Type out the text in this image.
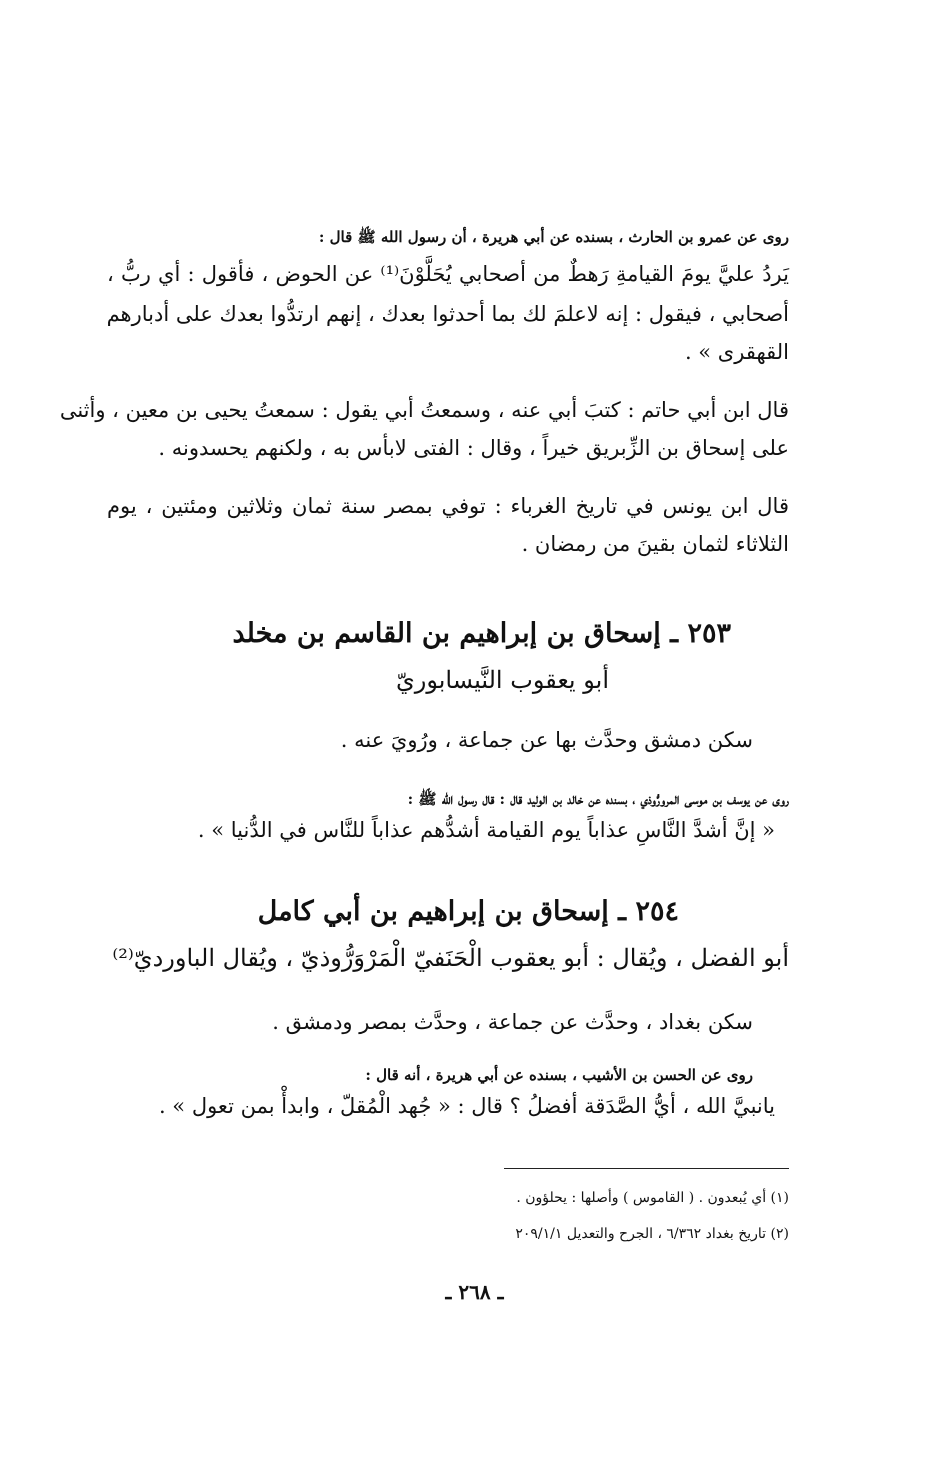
روى عن عمرو بن الحارث ، بسنده عن أبي هريرة ، أن رسول الله ﷺ قال :
يَردُ عليَّ يومَ القيامةِ رَهطٌ من أصحابي يُحَلَّوْنَ⁽¹⁾ عن الحوض ، فأقول : أي ربُّ ،
أصحابي ، فيقول : إنه لاعلمَ لك بما أحدثوا بعدك ، إنهم ارتدُّوا بعدك على أدبارهم
القهقرى » .
قال ابن أبي حاتم : كتبَ أبي عنه ، وسمعتُ أبي يقول : سمعتُ يحيى بن معين ، وأثنى
على إسحاق بن الزِّبريق خيراً ، وقال : الفتى لابأس به ، ولكنهم يحسدونه .
قال ابن يونس في تاريخ الغرباء : توفي بمصر سنة ثمان وثلاثين ومئتين ، يوم
الثلاثاء لثمان بقينَ من رمضان .
٢٥٣ ـ إسحاق بن إبراهيم بن القاسم بن مخلد
أبو يعقوب النَّيسابوريّ
سكن دمشق وحدَّث بها عن جماعة ، ورُويَ عنه .
روى عن يوسف بن موسى المرورُّوذي ، بسنده عن خالد بن الوليد قال : قال رسول الله ﷺ :
« إنَّ أشدَّ النَّاسِ عذاباً يوم القيامة أشدُّهم عذاباً للنَّاس في الدُّنيا » .
٢٥٤ ـ إسحاق بن إبراهيم بن أبي كامل
أبو الفضل ، ويُقال : أبو يعقوب الْحَنَفيّ الْمَرْوَرُّوذيّ ، ويُقال الباورديّ⁽²⁾
سكن بغداد ، وحدَّث عن جماعة ، وحدَّث بمصر ودمشق .
روى عن الحسن بن الأشيب ، بسنده عن أبي هريرة ، أنه قال :
يانبيَّ الله ، أيُّ الصَّدَقة أفضلُ ؟ قال : « جُهد الْمُقلّ ، وابدأْ بمن تعول » .
(١) أي يُبعدون . ( القاموس ) وأصلها : يحلؤون .
(٢) تاريخ بغداد ٦/٣٦٢ ، الجرح والتعديل ٢٠٩/١/١
ـ ٢٦٨ ـ
